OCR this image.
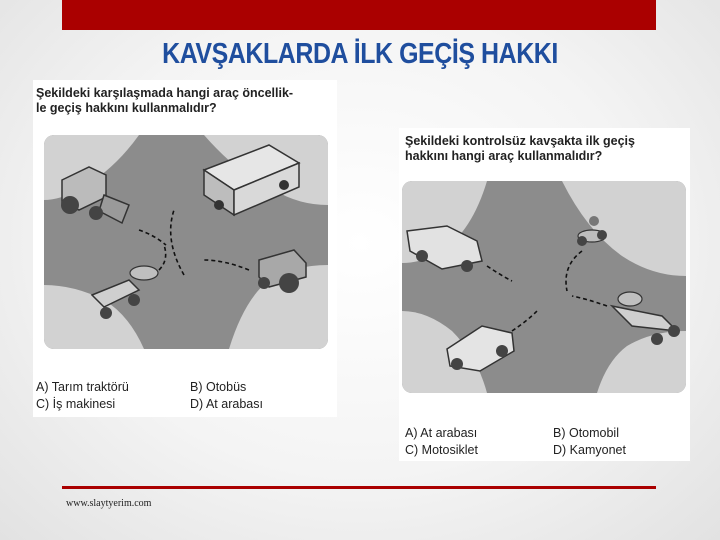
KAVŞAKLARDA İLK GEÇİŞ HAKKI
Şekildeki karşılaşmada hangi araç öncellik-
le geçiş hakkını kullanmalıdır?
A) Tarım traktörü	B) Otobüs
C) İş makinesi	D) At arabası
Şekildeki kontrolsüz kavşakta ilk geçiş
hakkını hangi araç kullanmalıdır?
A) At arabası	B) Otomobil
C) Motosiklet	D) Kamyonet
www.slaytyerim.com
